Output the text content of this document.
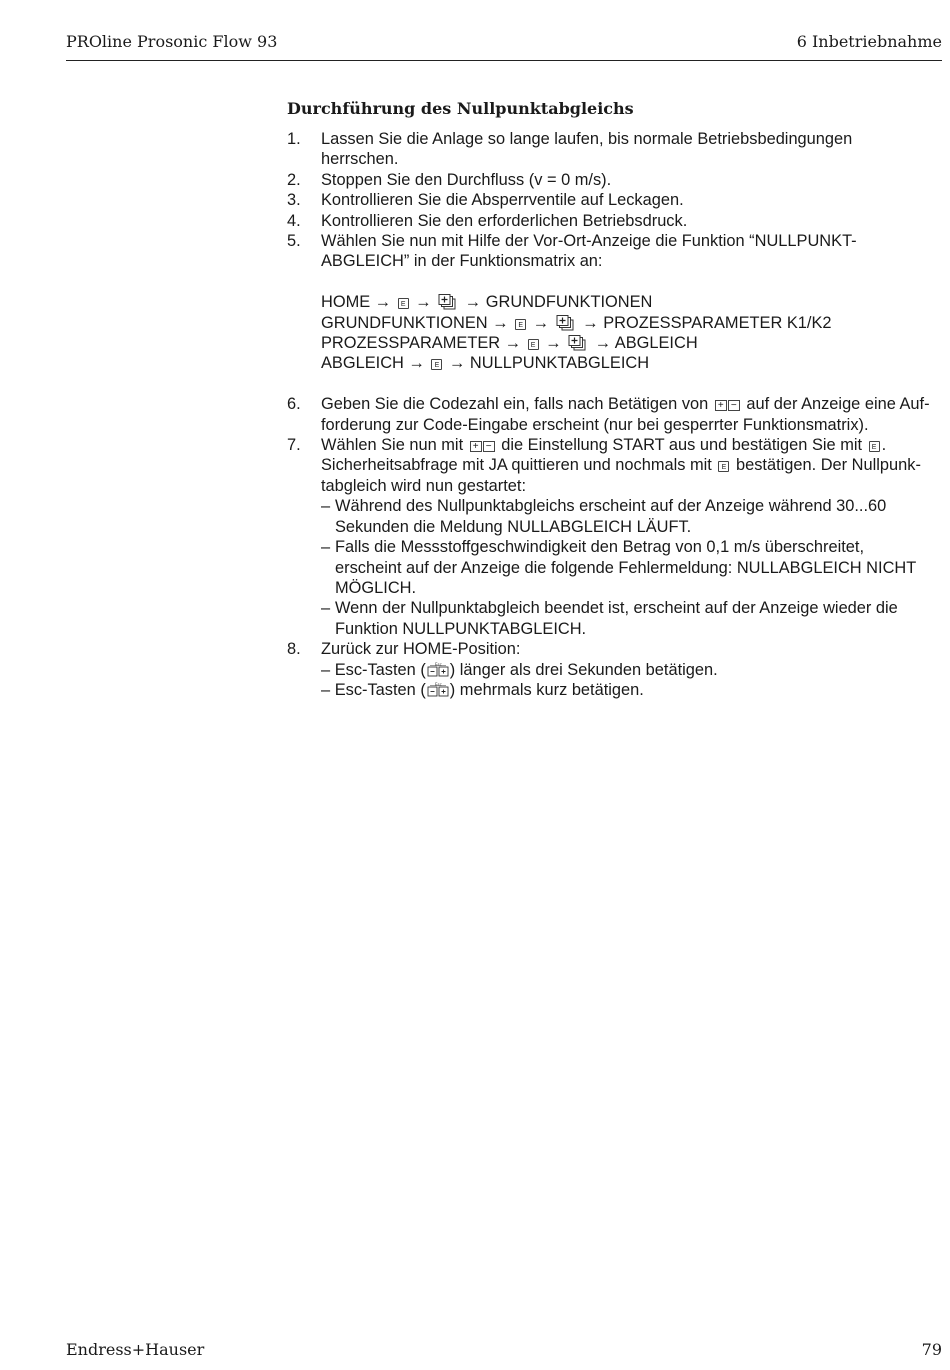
PROline Prosonic Flow 93	6 Inbetriebnahme
Durchführung des Nullpunktabgleichs
1. Lassen Sie die Anlage so lange laufen, bis normale Betriebsbedingungen
herrschen.
2. Stoppen Sie den Durchfluss (v = 0 m/s).
3. Kontrollieren Sie die Absperrventile auf Leckagen.
4. Kontrollieren Sie den erforderlichen Betriebsdruck.
5. Wählen Sie nun mit Hilfe der Vor-Ort-Anzeige die Funktion “NULLPUNKT-
ABGLEICH” in der Funktionsmatrix an:
HOME → E → → GRUNDFUNKTIONEN
GRUNDFUNKTIONEN → E → → PROZESSPARAMETER K1/K2
PROZESSPARAMETER → E → → ABGLEICH
ABGLEICH → E → NULLPUNKTABGLEICH
6. Geben Sie die Codezahl ein, falls nach Betätigen von + − auf der Anzeige eine Auf-
forderung zur Code-Eingabe erscheint (nur bei gesperrter Funktionsmatrix).
7. Wählen Sie nun mit + − die Einstellung START aus und bestätigen Sie mit E .
Sicherheitsabfrage mit JA quittieren und nochmals mit E bestätigen. Der Nullpunk-
tabgleich wird nun gestartet:
– Während des Nullpunktabgleichs erscheint auf der Anzeige während 30...60
Sekunden die Meldung NULLABGLEICH LÄUFT.
– Falls die Messstoffgeschwindigkeit den Betrag von 0,1 m/s überschreitet,
erscheint auf der Anzeige die folgende Fehlermeldung: NULLABGLEICH NICHT
MÖGLICH.
– Wenn der Nullpunktabgleich beendet ist, erscheint auf der Anzeige wieder die
Funktion NULLPUNKTABGLEICH.
8. Zurück zur HOME-Position:
– Esc-Tasten ( Esc ) länger als drei Sekunden betätigen.
– Esc-Tasten ( Esc ) mehrmals kurz betätigen.
Endress+Hauser	79
